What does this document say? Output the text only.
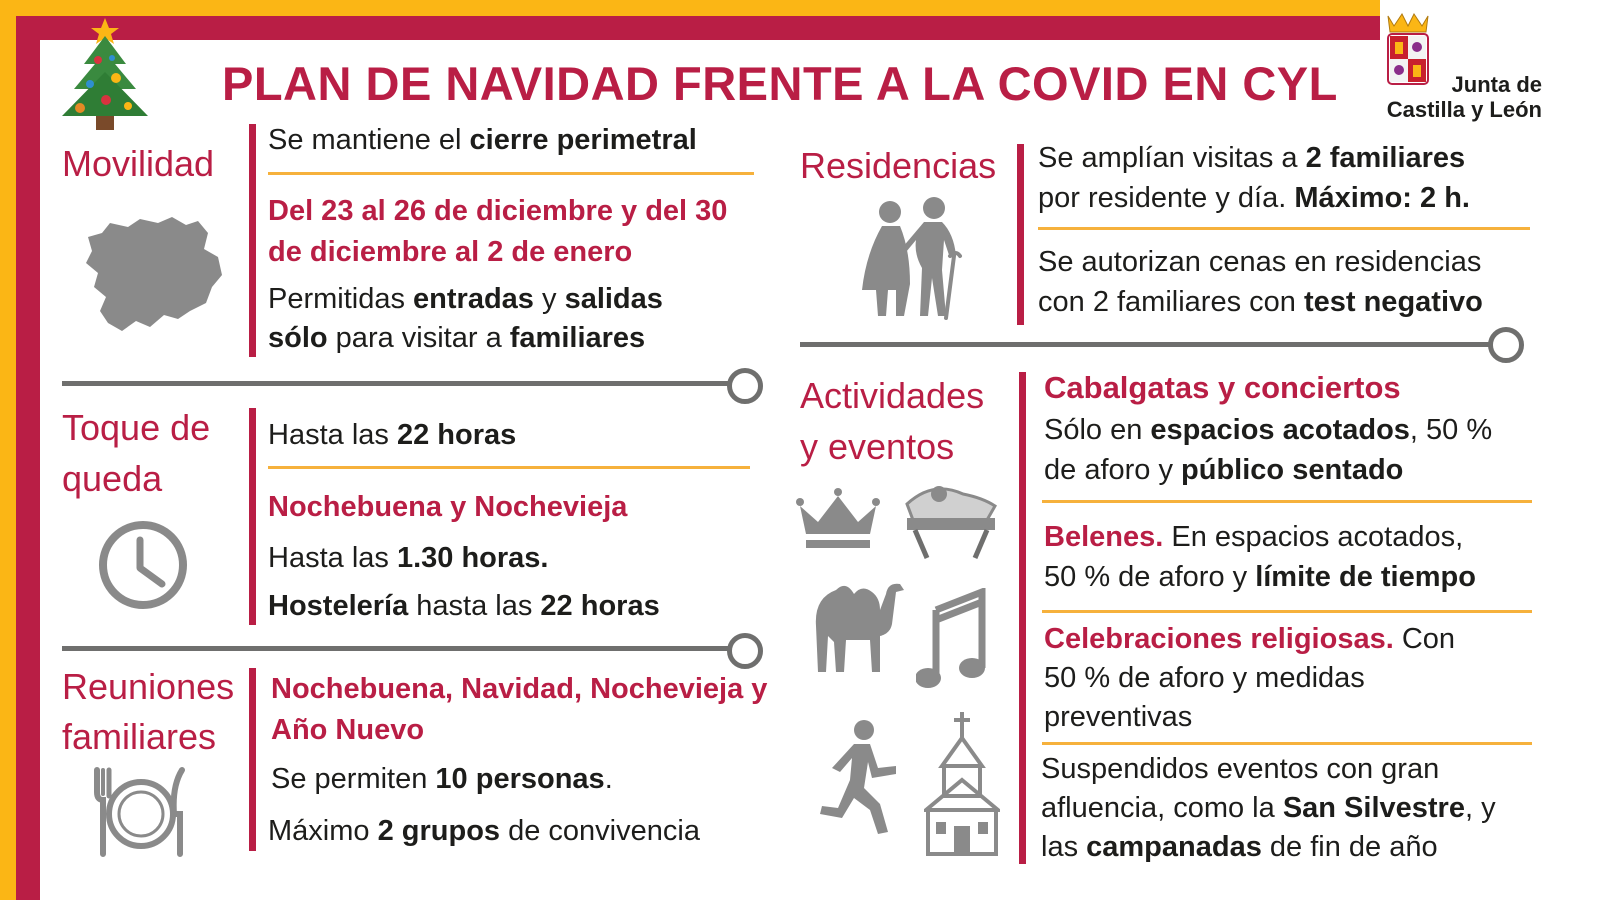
PLAN DE NAVIDAD FRENTE A LA COVID EN CYL	Junta de
Castilla y León
Movilidad
Se mantiene el cierre perimetral
Del 23 al 26 de diciembre y del 30 de diciembre al 2 de enero
Permitidas entradas y salidas
sólo para visitar a familiares
Toque de
queda
Hasta las 22 horas
Nochebuena y Nochevieja
Hasta las 1.30 horas.
Hostelería hasta las 22 horas
Reuniones
familiares
Nochebuena, Navidad, Nochevieja y Año Nuevo
Se permiten 10 personas.
Máximo 2 grupos de convivencia
Residencias Se amplían visitas a 2 familiares
por residente y día. Máximo: 2 h.
Se autorizan cenas en residencias
con 2 familiares con test negativo
Actividades
y eventos
Cabalgatas y conciertos
Sólo en espacios acotados, 50 %
de aforo y público sentado
Belenes. En espacios acotados,
50 % de aforo y límite de tiempo
Celebraciones religiosas. Con
50 % de aforo y medidas
preventivas
Suspendidos eventos con gran
afluencia, como la San Silvestre, y
las campanadas de fin de año
